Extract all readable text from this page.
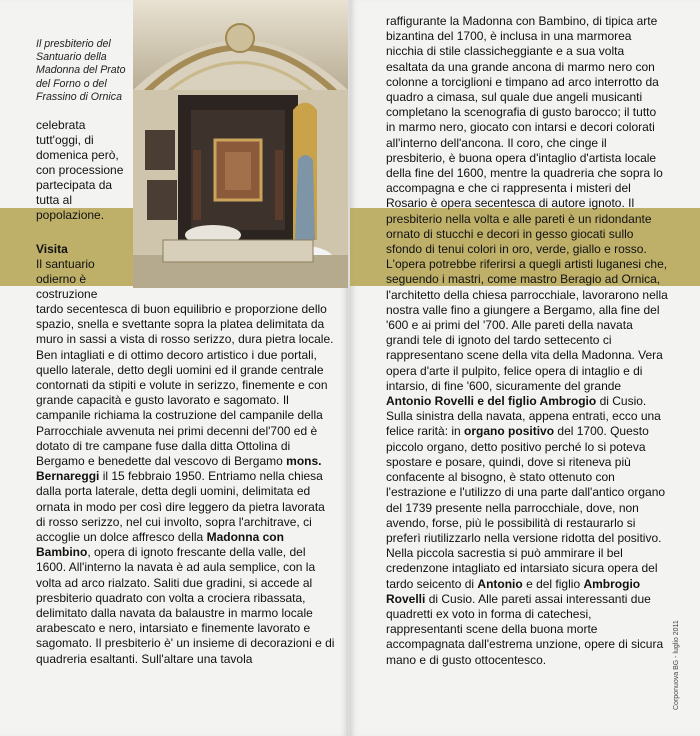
Il presbiterio del Santuario della Madonna del Prato del Forno o del Frassino di Ornica
celebrata tutt'oggi, di domenica però, con processione partecipata da tutta al popolazione.
Visita
Il santuario odierno è costruzione
tardo secentesca di buon equilibrio e proporzione dello spazio, snella e svettante sopra la platea delimitata da muro in sassi a vista di rosso serizzo, dura pietra locale. Ben intagliati e di ottimo decoro artistico i due portali, quello laterale, detto degli uomini ed il grande centrale contornati da stipiti e volute in serizzo, finemente e con grande capacità e gusto lavorato e sagomato. Il campanile richiama la costruzione del campanile della Parrocchiale avvenuta nei primi decenni del'700 ed è dotato di tre campane fuse dalla ditta Ottolina di Bergamo e benedette dal vescovo di Bergamo mons. Bernareggi il 15 febbraio 1950. Entriamo nella chiesa dalla porta laterale, detta degli uomini, delimitata ed ornata in modo per così dire leggero da pietra lavorata di rosso serizzo, nel cui involto, sopra l'architrave, ci accoglie un dolce affresco della Madonna con Bambino, opera di ignoto frescante della valle, del 1600. All'interno la navata è ad aula semplice, con la volta ad arco rialzato. Saliti due gradini, si accede al presbiterio quadrato con volta a crociera ribassata, delimitato dalla navata da balaustre in marmo locale arabescato e nero, intarsiato e finemente lavorato e sagomato. Il presbiterio è' un insieme di decorazioni e di quadreria esaltanti. Sull'altare una tavola
raffigurante la Madonna con Bambino, di tipica arte bizantina del 1700, è inclusa in una marmorea nicchia di stile classicheggiante e a sua volta esaltata da una grande ancona di marmo nero con colonne a torciglioni e timpano ad arco interrotto da quadro a cimasa, sul quale due angeli musicanti completano la scenografia di gusto barocco; il tutto in marmo nero, giocato con intarsi e decori colorati all'interno dell'ancona. Il coro, che cinge il presbiterio, è buona opera d'intaglio d'artista locale della fine del 1600, mentre la quadreria che sopra lo accompagna e che ci rappresenta i misteri del Rosario è opera secentesca di autore ignoto. Il presbiterio nella volta e alle pareti è un ridondante ornato di stucchi e decori in gesso giocati sullo sfondo di tenui colori in oro, verde, giallo e rosso. L'opera potrebbe riferirsi a quegli artisti luganesi che, seguendo i mastri, come mastro Beragio ad Ornica, l'architetto della chiesa parrocchiale, lavorarono nella nostra valle fino a giungere a Bergamo, alla fine del '600 e ai primi del '700. Alle pareti della navata grandi tele di ignoto del tardo settecento ci rappresentano scene della vita della Madonna. Vera opera d'arte il pulpito, felice opera di intaglio e di intarsio, di fine '600, sicuramente del grande Antonio Rovelli e del figlio Ambrogio di Cusio. Sulla sinistra della navata, appena entrati, ecco una felice rarità: in organo positivo del 1700. Questo piccolo organo, detto positivo perché lo si poteva spostare e posare, quindi, dove si riteneva più confacente al bisogno, è stato ottenuto con l'estrazione e l'utilizzo di una parte dall'antico organo del 1739 presente nella parrocchiale, dove, non avendo, forse, più le possibilità di restaurarlo si preferì riutilizzarlo nella versione ridotta del positivo. Nella piccola sacrestia si può ammirare il bel credenzone intagliato ed intarsiato sicura opera del tardo seicento di Antonio e del figlio Ambrogio Rovelli di Cusio. Alle pareti assai interessanti due quadretti ex voto in forma di catechesi, rappresentanti scene della buona morte accompagnata dall'estrema unzione, opere di sicura mano e di gusto ottocentesco.	Corponuova BG - luglio 2011
